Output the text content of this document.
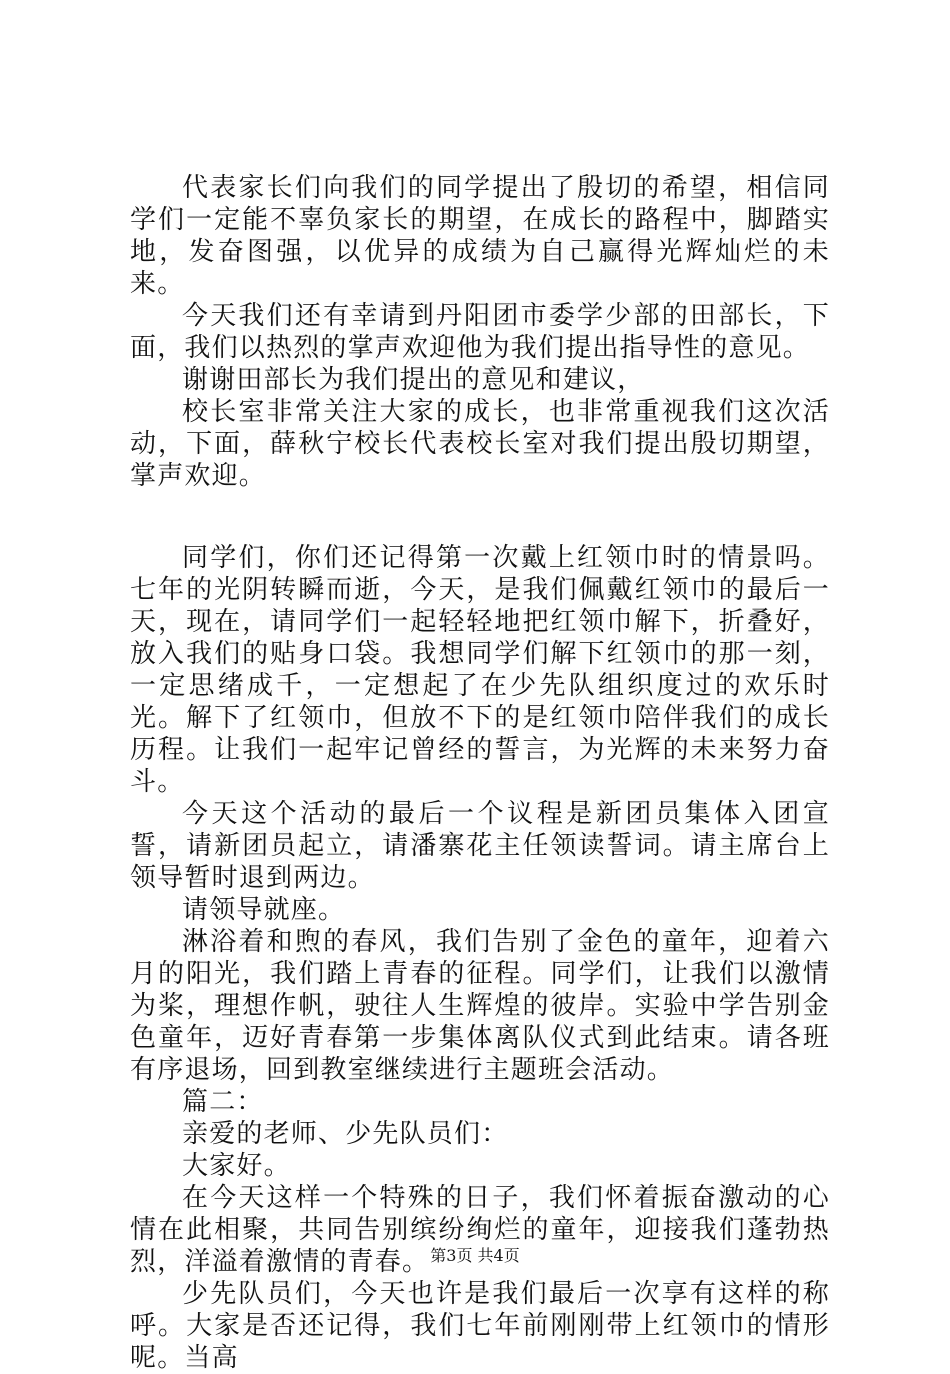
代表家长们向我们的同学提出了殷切的希望，相信同学们一定能不辜负家长的期望，在成长的路程中，脚踏实地，发奋图强，以优异的成绩为自己赢得光辉灿烂的未来。

今天我们还有幸请到丹阳团市委学少部的田部长，下面，我们以热烈的掌声欢迎他为我们提出指导性的意见。

谢谢田部长为我们提出的意见和建议，

校长室非常关注大家的成长，也非常重视我们这次活动，下面，薛秋宁校长代表校长室对我们提出殷切期望，掌声欢迎。

同学们，你们还记得第一次戴上红领巾时的情景吗。七年的光阴转瞬而逝，今天，是我们佩戴红领巾的最后一天，现在，请同学们一起轻轻地把红领巾解下，折叠好，放入我们的贴身口袋。我想同学们解下红领巾的那一刻，一定思绪成千，一定想起了在少先队组织度过的欢乐时光。解下了红领巾，但放不下的是红领巾陪伴我们的成长历程。让我们一起牢记曾经的誓言，为光辉的未来努力奋斗。

今天这个活动的最后一个议程是新团员集体入团宣誓，请新团员起立，请潘寨花主任领读誓词。请主席台上领导暂时退到两边。

请领导就座。

淋浴着和煦的春风，我们告别了金色的童年，迎着六月的阳光，我们踏上青春的征程。同学们，让我们以激情为桨，理想作帆，驶往人生辉煌的彼岸。实验中学告别金色童年，迈好青春第一步集体离队仪式到此结束。请各班有序退场，回到教室继续进行主题班会活动。

篇二：

亲爱的老师、少先队员们：

大家好。

在今天这样一个特殊的日子，我们怀着振奋激动的心情在此相聚，共同告别缤纷绚烂的童年，迎接我们蓬勃热烈，洋溢着激情的青春。

少先队员们，今天也许是我们最后一次享有这样的称呼。大家是否还记得，我们七年前刚刚带上红领巾的情形呢。当高

第3页 共4页
